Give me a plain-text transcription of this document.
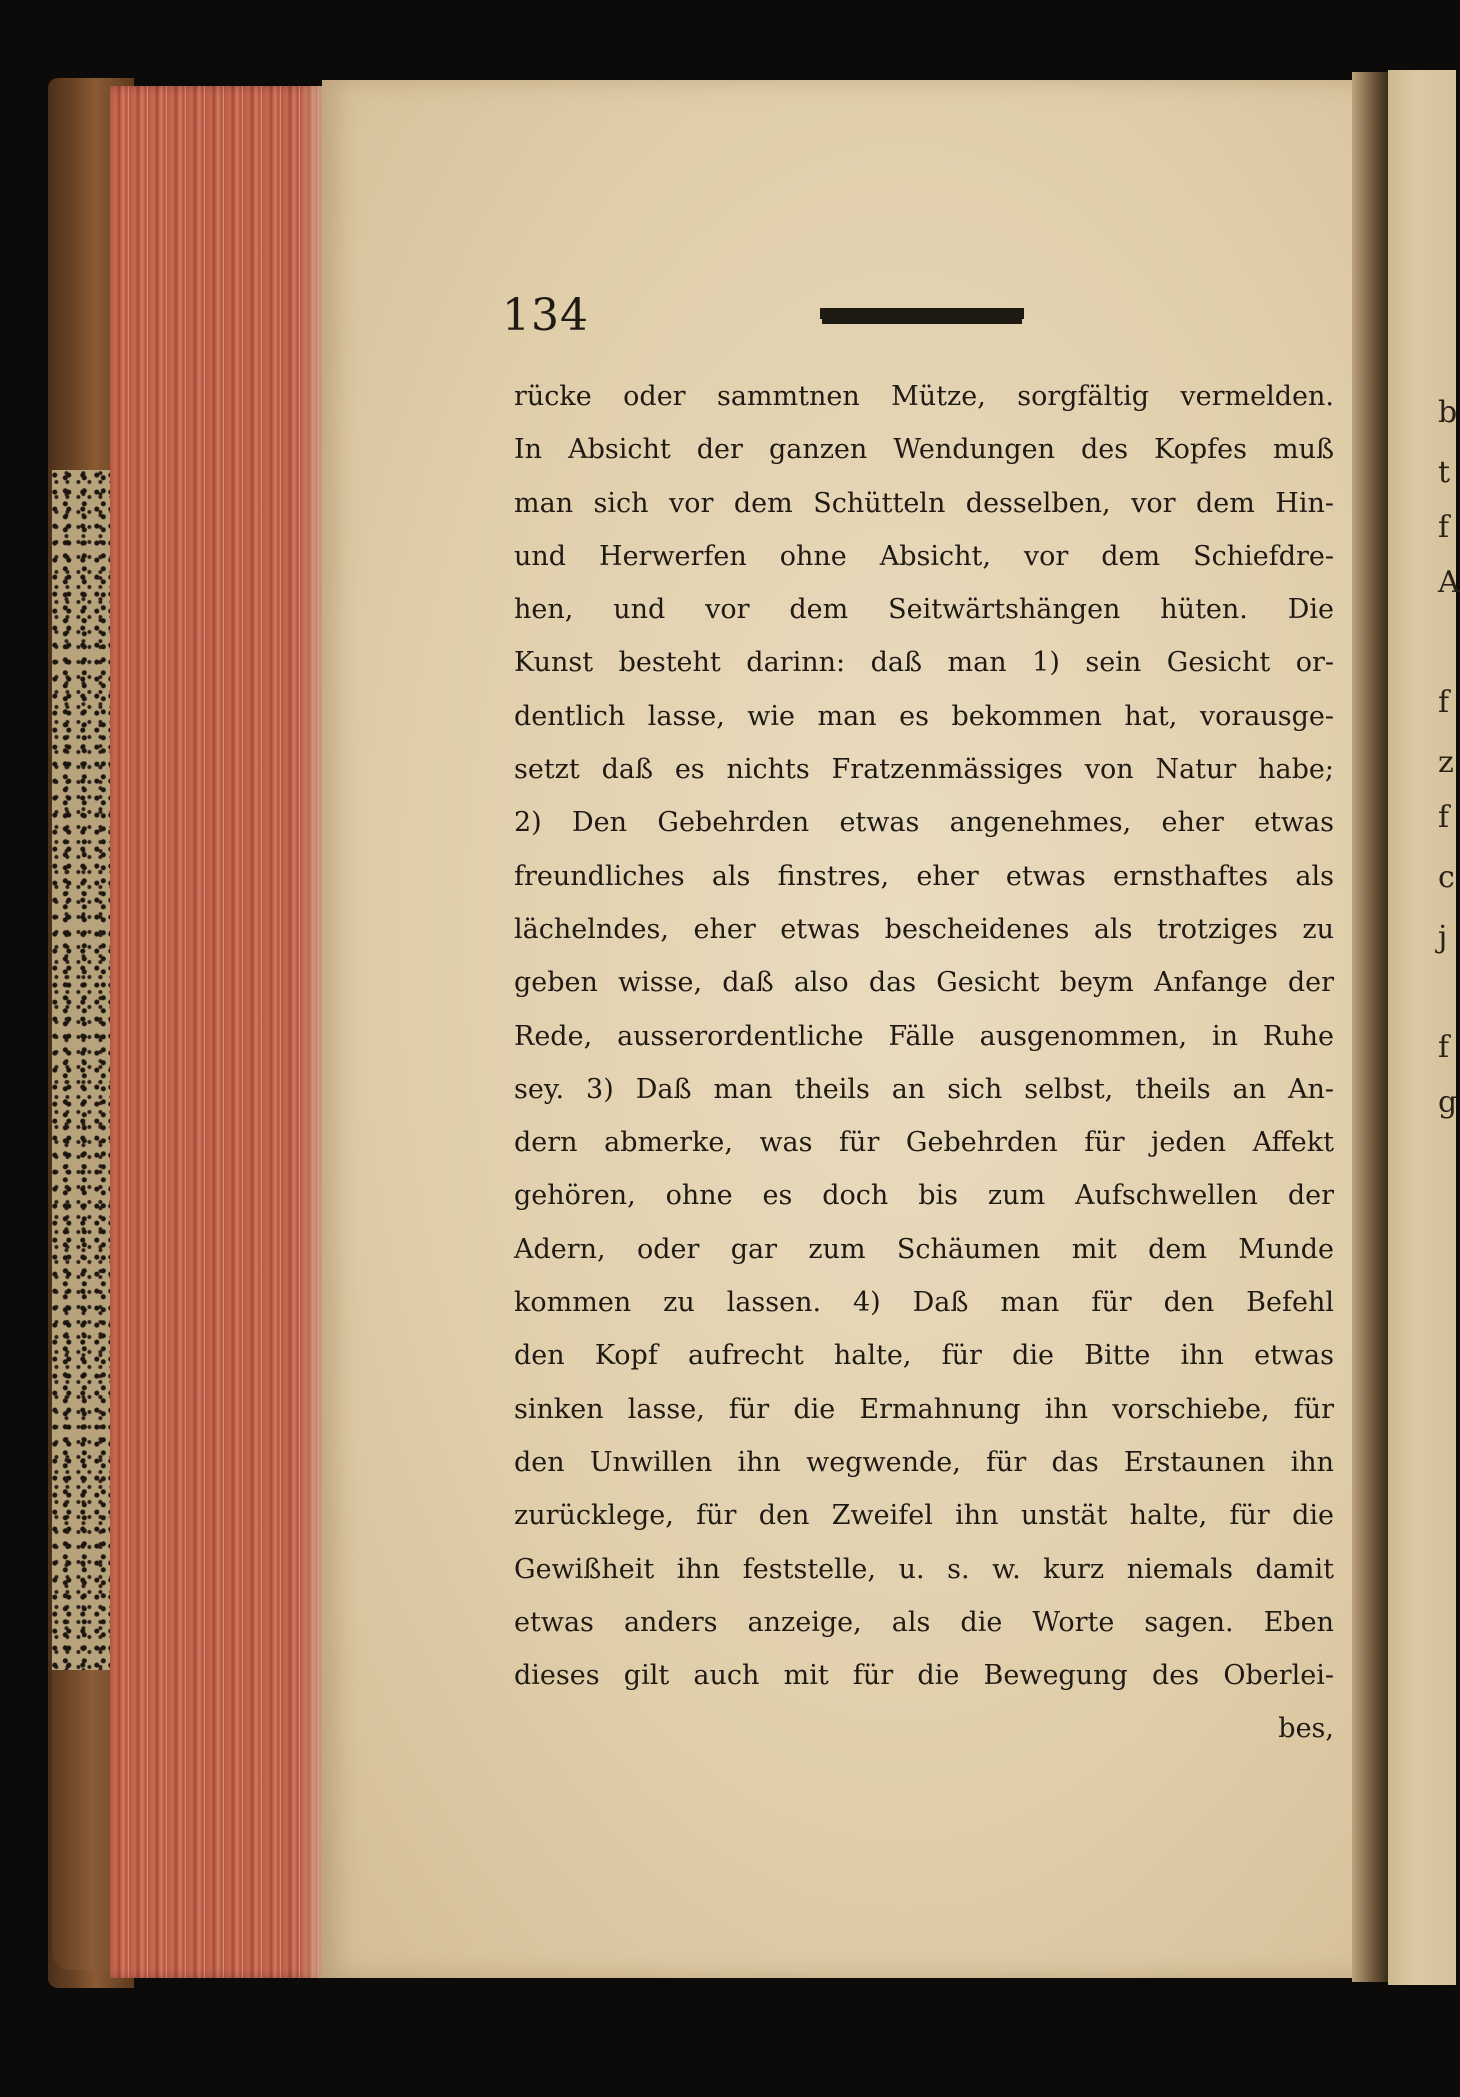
b
t
f
A
f
z
f
c
j
f
g
134
rücke oder sammtnen Mütze, sorgfältig vermelden.
In Absicht der ganzen Wendungen des Kopfes muß
man sich vor dem Schütteln desselben, vor dem Hin-
und Herwerfen ohne Absicht, vor dem Schiefdre-
hen, und vor dem Seitwärtshängen hüten. Die
Kunst besteht darinn: daß man 1) sein Gesicht or-
dentlich lasse, wie man es bekommen hat, vorausge-
setzt daß es nichts Fratzenmässiges von Natur habe;
2) Den Gebehrden etwas angenehmes, eher etwas
freundliches als finstres, eher etwas ernsthaftes als
lächelndes, eher etwas bescheidenes als trotziges zu
geben wisse, daß also das Gesicht beym Anfange der
Rede, ausserordentliche Fälle ausgenommen, in Ruhe
sey. 3) Daß man theils an sich selbst, theils an An-
dern abmerke, was für Gebehrden für jeden Affekt
gehören, ohne es doch bis zum Aufschwellen der
Adern, oder gar zum Schäumen mit dem Munde
kommen zu lassen. 4) Daß man für den Befehl
den Kopf aufrecht halte, für die Bitte ihn etwas
sinken lasse, für die Ermahnung ihn vorschiebe, für
den Unwillen ihn wegwende, für das Erstaunen ihn
zurücklege, für den Zweifel ihn unstät halte, für die
Gewißheit ihn feststelle, u. s. w. kurz niemals damit
etwas anders anzeige, als die Worte sagen. Eben
dieses gilt auch mit für die Bewegung des Oberlei-
bes,
